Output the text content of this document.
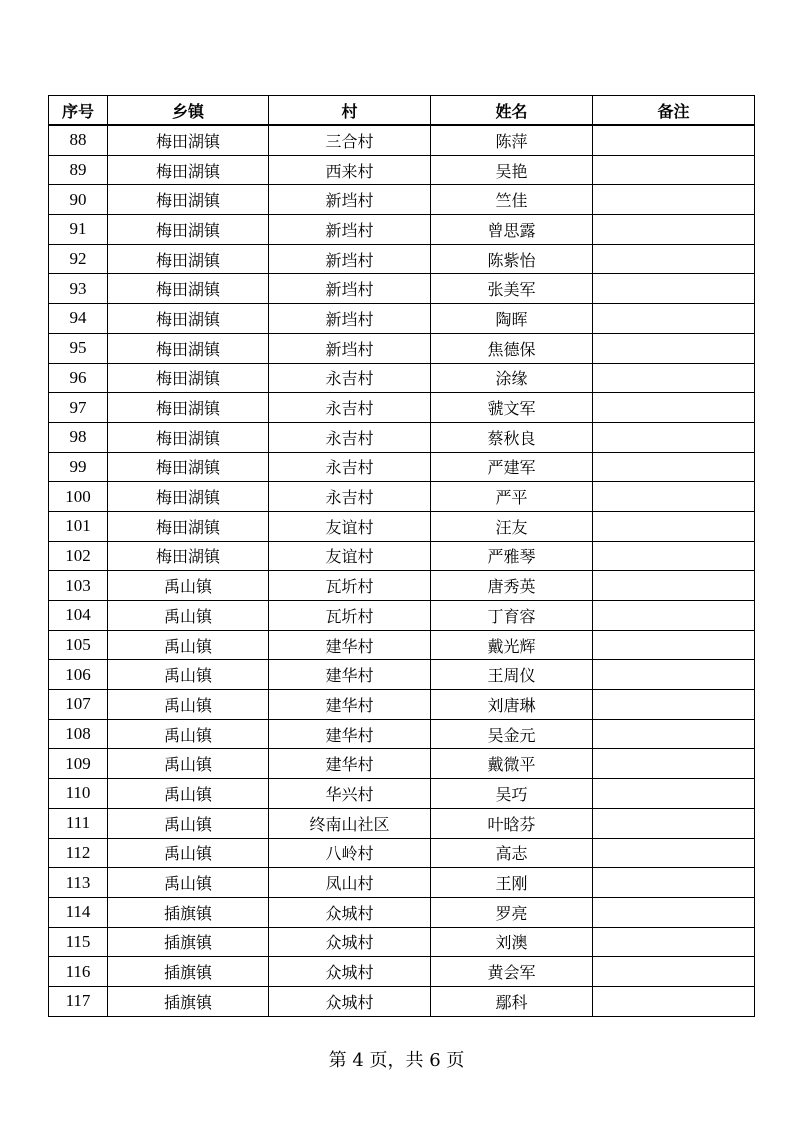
序号	乡镇	村	姓名	备注
88	梅田湖镇	三合村	陈萍	
89	梅田湖镇	西来村	吴艳	
90	梅田湖镇	新垱村	竺佳	
91	梅田湖镇	新垱村	曾思露	
92	梅田湖镇	新垱村	陈紫怡	
93	梅田湖镇	新垱村	张美军	
94	梅田湖镇	新垱村	陶晖	
95	梅田湖镇	新垱村	焦德保	
96	梅田湖镇	永吉村	涂缘	
97	梅田湖镇	永吉村	虢文军	
98	梅田湖镇	永吉村	蔡秋良	
99	梅田湖镇	永吉村	严建军	
100	梅田湖镇	永吉村	严平	
101	梅田湖镇	友谊村	汪友	
102	梅田湖镇	友谊村	严雅琴	
103	禹山镇	瓦圻村	唐秀英	
104	禹山镇	瓦圻村	丁育容	
105	禹山镇	建华村	戴光辉	
106	禹山镇	建华村	王周仪	
107	禹山镇	建华村	刘唐琳	
108	禹山镇	建华村	吴金元	
109	禹山镇	建华村	戴微平	
110	禹山镇	华兴村	吴巧	
111	禹山镇	终南山社区	叶晗芬	
112	禹山镇	八岭村	高志	
113	禹山镇	凤山村	王刚	
114	插旗镇	众城村	罗亮	
115	插旗镇	众城村	刘澳	
116	插旗镇	众城村	黄会军	
117	插旗镇	众城村	鄢科	
第 4 页，共 6 页
